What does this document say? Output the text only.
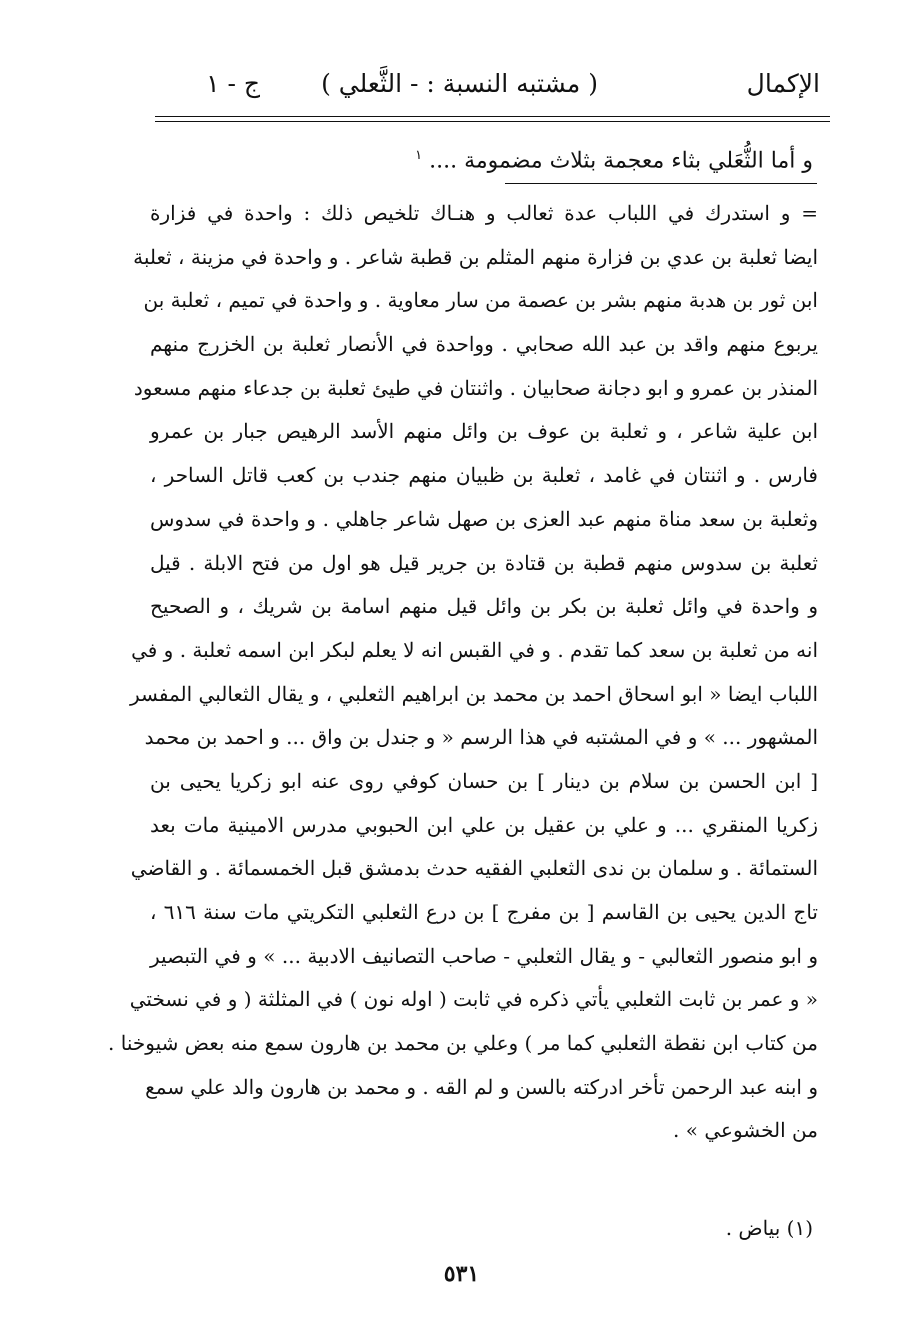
الإكمال
( مشتبه النسبة : - الثَّعلي )
ج - ١
و أما الثُّعَلي بثاء معجمة بثلاث مضمومة .... $^١$
= و استدرك في اللباب عدة ثعالب و هنـاك تلخيص ذلك : واحدة في فزارة
ايضا ثعلبة بن عدي بن فزارة منهم المثلم بن قطبة شاعر . و واحدة في مزينة ، ثعلبة
ابن ثور بن هدبة منهم بشر بن عصمة من سار معاوية . و واحدة في تميم ، ثعلبة بن
يربوع منهم واقد بن عبد الله صحابي . وواحدة في الأنصار ثعلبة بن الخزرج منهم
المنذر بن عمرو و ابو دجانة صحابيان . واثنتان في طيئ ثعلبة بن جدعاء منهم مسعود
ابن علية شاعر ، و ثعلبة بن عوف بن وائل منهم الأسد الرهيص جبار بن عمرو
فارس . و اثنتان في غامد ، ثعلبة بن ظبيان منهم جندب بن كعب قاتل الساحر ،
وثعلبة بن سعد مناة منهم عبد العزى بن صهل شاعر جاهلي . و واحدة في سدوس
ثعلبة بن سدوس منهم قطبة بن قتادة بن جرير قيل هو اول من فتح الابلة . قيل
و واحدة في وائل ثعلبة بن بكر بن وائل قيل منهم اسامة بن شريك ، و الصحيح
انه من ثعلبة بن سعد كما تقدم . و في القبس انه لا يعلم لبكر ابن اسمه ثعلبة . و في
اللباب ايضا « ابو اسحاق احمد بن محمد بن ابراهيم الثعلبي ، و يقال الثعالبي المفسر
المشهور ... » و في المشتبه في هذا الرسم « و جندل بن واق ... و احمد بن محمد
[ ابن الحسن بن سلام بن دينار ] بن حسان كوفي روى عنه ابو زكريا يحيى بن
زكريا المنقري ... و علي بن عقيل بن علي ابن الحبوبي مدرس الامينية مات بعد
الستمائة . و سلمان بن ندى الثعلبي الفقيه حدث بدمشق قبل الخمسمائة . و القاضي
تاج الدين يحيى بن القاسم [ بن مفرج ] بن درع الثعلبي التكريتي مات سنة ٦١٦ ،
و ابو منصور الثعالبي - و يقال الثعلبي - صاحب التصانيف الادبية ... » و في التبصير
« و عمر بن ثابت الثعلبي يأتي ذكره في ثابت ( اوله نون ) في المثلثة ( و في نسختي
من كتاب ابن نقطة الثعلبي كما مر ) وعلي بن محمد بن هارون سمع منه بعض شيوخنا .
و ابنه عبد الرحمن تأخر ادركته بالسن و لم القه . و محمد بن هارون والد علي سمع
من الخشوعي » .
(١) بياض .
٥٣١
